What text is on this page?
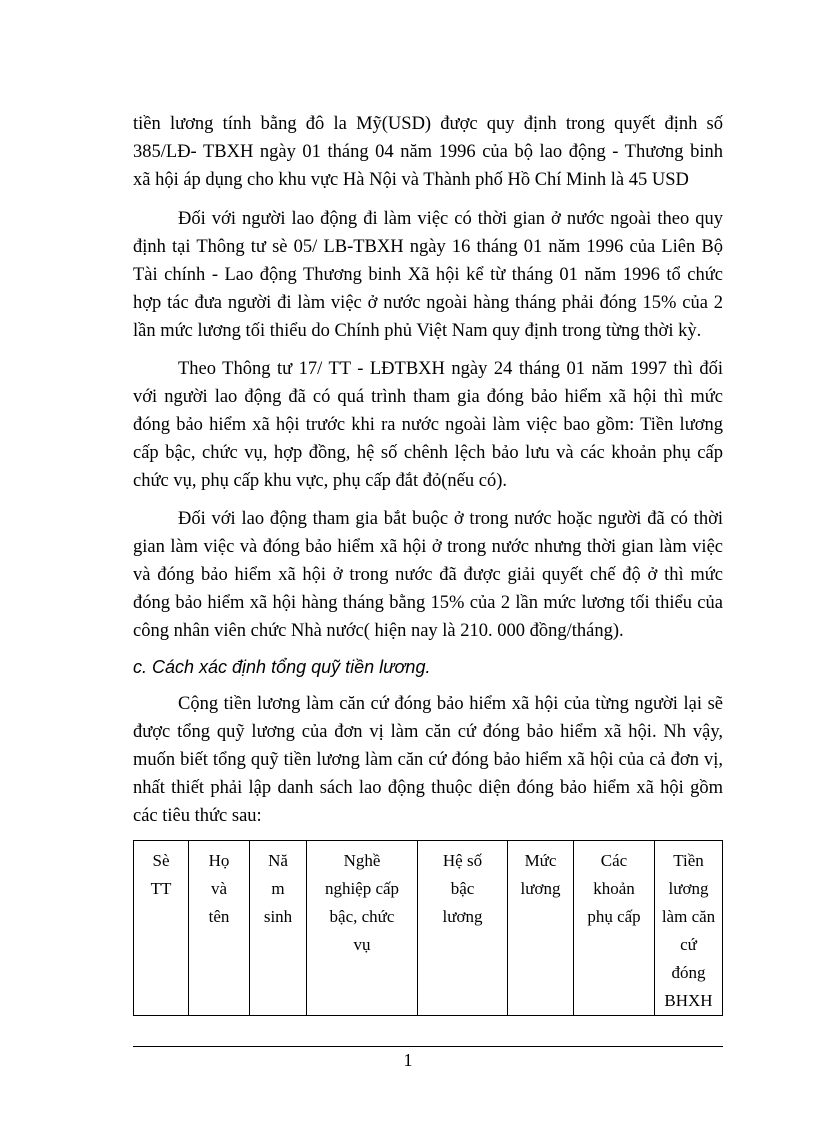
tiền lương tính bằng đô la Mỹ(USD) được quy định trong quyết định số
385/LĐ- TBXH ngày 01 tháng 04 năm 1996 của bộ lao động - Thương binh
xã hội áp dụng cho khu vực Hà Nội và Thành phố Hồ Chí Minh là 45 USD
Đối với người lao động đi làm việc có thời gian ở nước ngoài theo quy
định tại Thông tư sè 05/ LB-TBXH ngày 16 tháng 01 năm 1996 của Liên Bộ
Tài chính - Lao động Thương binh Xã hội kể từ tháng 01 năm 1996 tổ chức
hợp tác đưa người đi làm việc ở nước ngoài hàng tháng phải đóng 15% của 2
lần mức lương tối thiểu do Chính phủ Việt Nam quy định trong từng thời kỳ.
Theo Thông tư 17/ TT - LĐTBXH ngày 24 tháng 01 năm 1997 thì đối
với người lao động đã có quá trình tham gia đóng bảo hiểm xã hội thì mức
đóng bảo hiểm xã hội trước khi ra nước ngoài làm việc bao gồm: Tiền lương
cấp bậc, chức vụ, hợp đồng, hệ số chênh lệch bảo lưu và các khoản phụ cấp
chức vụ, phụ cấp khu vực, phụ cấp đắt đỏ(nếu có).
Đối với lao động tham gia bắt buộc ở trong nước hoặc người đã có thời
gian làm việc và đóng bảo hiểm xã hội ở trong nước nhưng thời gian làm việc
và đóng bảo hiểm xã hội ở trong nước đã được giải quyết chế độ ở thì mức
đóng bảo hiểm xã hội hàng tháng bằng 15% của 2 lần mức lương tối thiểu của
công nhân viên chức Nhà nước( hiện nay là 210. 000 đồng/tháng).
c. Cách xác định tổng quỹ tiền lương.
Cộng tiền lương làm căn cứ đóng bảo hiểm xã hội của từng người lại sẽ
được tổng quỹ lương của đơn vị làm căn cứ đóng bảo hiểm xã hội. Nh vậy,
muốn biết tổng quỹ tiền lương làm căn cứ đóng bảo hiểm xã hội của cả đơn vị,
nhất thiết phải lập danh sách lao động thuộc diện đóng bảo hiểm xã hội gồm
các tiêu thức sau:
Sè
TT

Họ
và
tên

Nă
m
sinh

Nghề
nghiệp cấp
bậc, chức
vụ

Hệ số
bậc
lương

Mức
lương

Các
khoản
phụ cấp

Tiền lương
làm căn cứ
đóng BHXH
1
